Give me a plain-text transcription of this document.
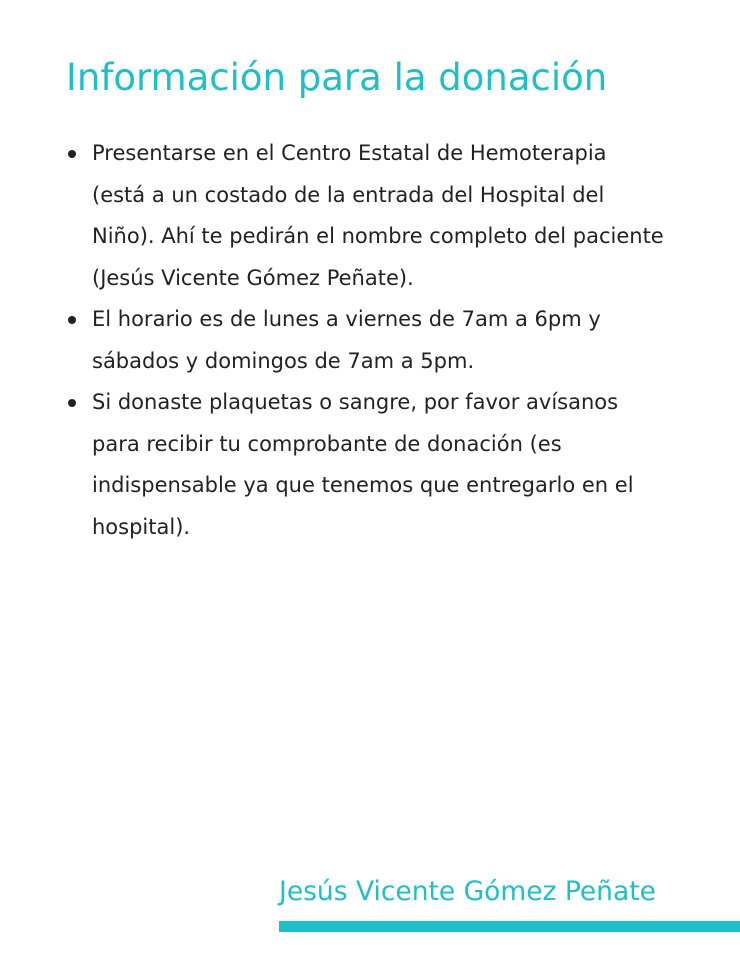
Información para la donación
Presentarse en el Centro Estatal de Hemoterapia (está a un costado de la entrada del Hospital del Niño). Ahí te pedirán el nombre completo del paciente (Jesús Vicente Gómez Peñate).
El horario es de lunes a viernes de 7am a 6pm y sábados y domingos de 7am a 5pm.
Si donaste plaquetas o sangre, por favor avísanos para recibir tu comprobante de donación (es indispensable ya que tenemos que entregarlo en el hospital).
Jesús Vicente Gómez Peñate
